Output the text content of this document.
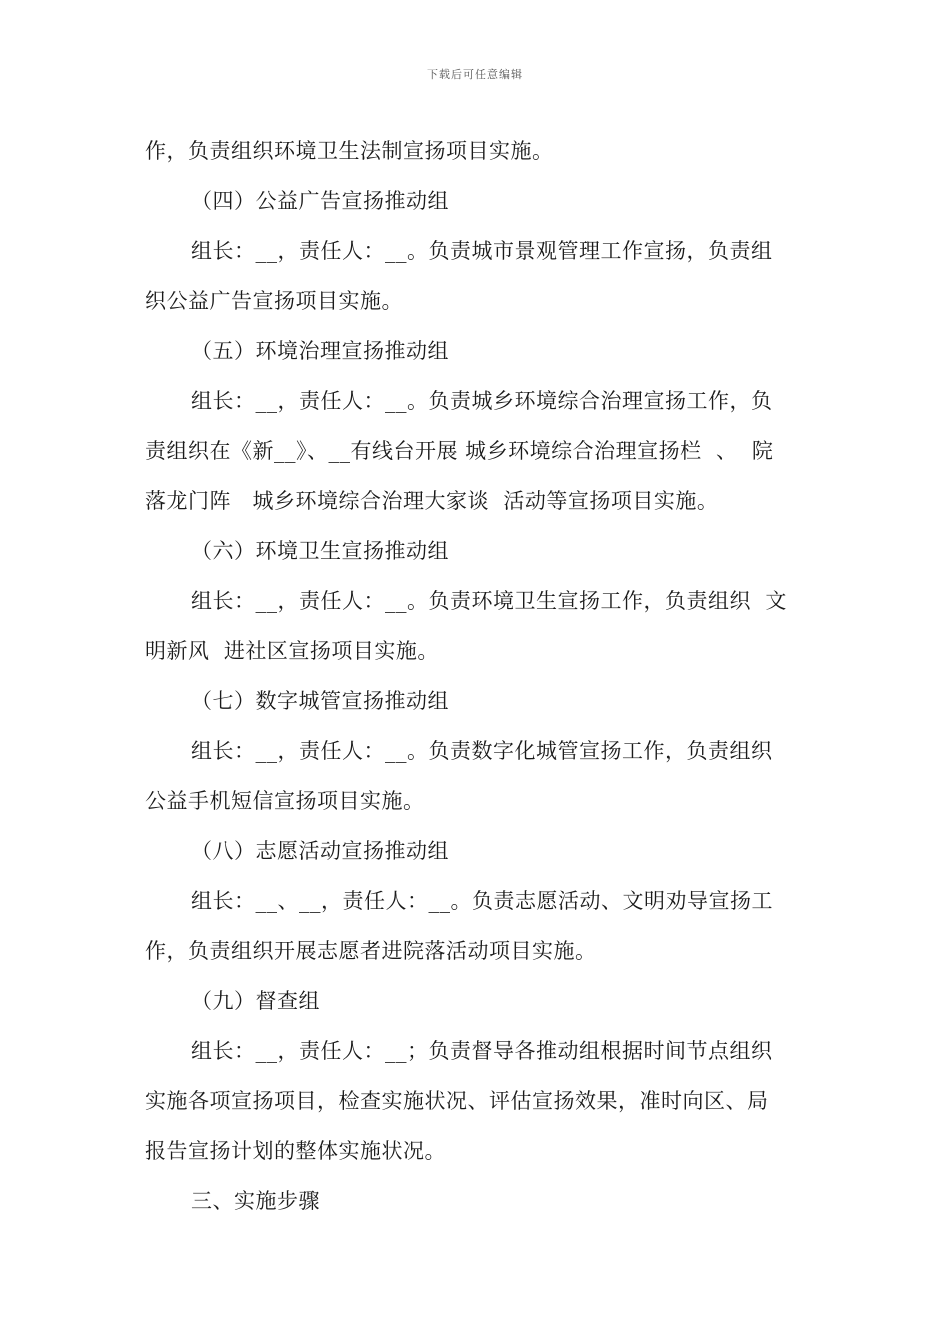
下载后可任意编辑
作，负责组织环境卫生法制宣扬项目实施。
（四）公益广告宣扬推动组
组长：__，责任人：__。负责城市景观管理工作宣扬，负责组
织公益广告宣扬项目实施。
（五）环境治理宣扬推动组
组长：__，责任人：__。负责城乡环境综合治理宣扬工作，负
责组织在《新__》、__有线台开展 城乡环境综合治理宣扬栏  、  院
落龙门阵   城乡环境综合治理大家谈  活动等宣扬项目实施。
（六）环境卫生宣扬推动组
组长：__，责任人：__。负责环境卫生宣扬工作，负责组织  文
明新风  进社区宣扬项目实施。
（七）数字城管宣扬推动组
组长：__，责任人：__。负责数字化城管宣扬工作，负责组织
公益手机短信宣扬项目实施。
（八）志愿活动宣扬推动组
组长：__、__，责任人：__。负责志愿活动、文明劝导宣扬工
作，负责组织开展志愿者进院落活动项目实施。
（九）督查组
组长：__，责任人：__；负责督导各推动组根据时间节点组织
实施各项宣扬项目，检查实施状况、评估宣扬效果，准时向区、局
报告宣扬计划的整体实施状况。
三、实施步骤
